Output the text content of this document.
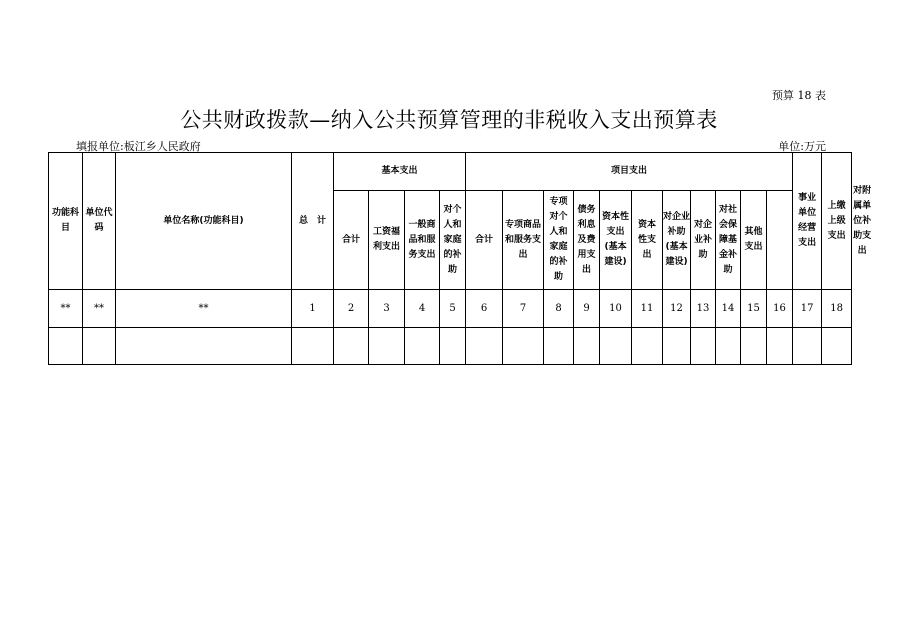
预算 18 表
公共财政拨款—纳入公共预算管理的非税收入支出预算表
填报单位:板江乡人民政府	单位:万元
功能科目	单位代码	单位名称(功能科目)	总　计	基本支出				项目支出											事业单位经营支出	上缴上级支出	对附属单位补助支出

				合计	工资福利支出	一般商品和服务支出	对个人和家庭的补助	合计	专项商品和服务支出	专项对个人和家庭的补助	债务利息及费用支出	资本性支出(基本建设)	资本性支出	对企业补助(基本建设)	对企业补助	对社会保障基金补助	其他支出				

**	**	**	1	2	3	4	5	6	7	8	9	10	11	12	13	14	15	16	17	18	
